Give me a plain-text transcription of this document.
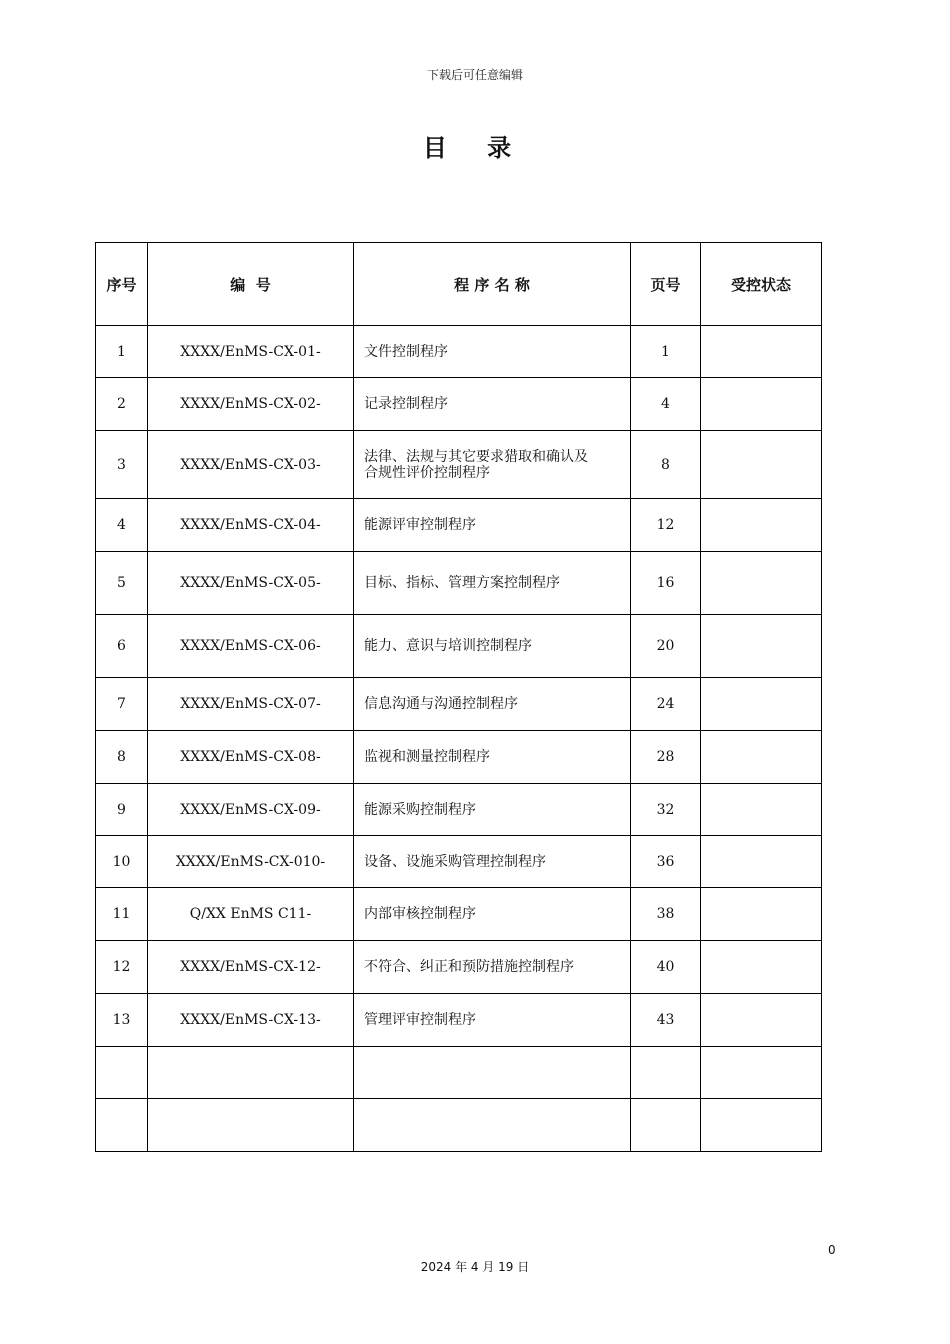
下载后可任意编辑
目 录
序号	编  号	程 序 名 称	页号	受控状态
1	XXXX/EnMS-CX-01-	文件控制程序	1	
2	XXXX/EnMS-CX-02-	记录控制程序	4	
3	XXXX/EnMS-CX-03-	法律、法规与其它要求猎取和确认及
合规性评价控制程序	8	
4	XXXX/EnMS-CX-04-	能源评审控制程序	12	
5	XXXX/EnMS-CX-05-	目标、指标、管理方案控制程序	16	
6	XXXX/EnMS-CX-06-	能力、意识与培训控制程序	20	
7	XXXX/EnMS-CX-07-	信息沟通与沟通控制程序	24	
8	XXXX/EnMS-CX-08-	监视和测量控制程序	28	
9	XXXX/EnMS-CX-09-	能源采购控制程序	32	
10	XXXX/EnMS-CX-010-	设备、设施采购管理控制程序	36	
11	Q/XX EnMS C11-	内部审核控制程序	38	
12	XXXX/EnMS-CX-12-	不符合、纠正和预防措施控制程序	40	
13	XXXX/EnMS-CX-13-	管理评审控制程序	43	

0
2024 年 4 月 19 日
